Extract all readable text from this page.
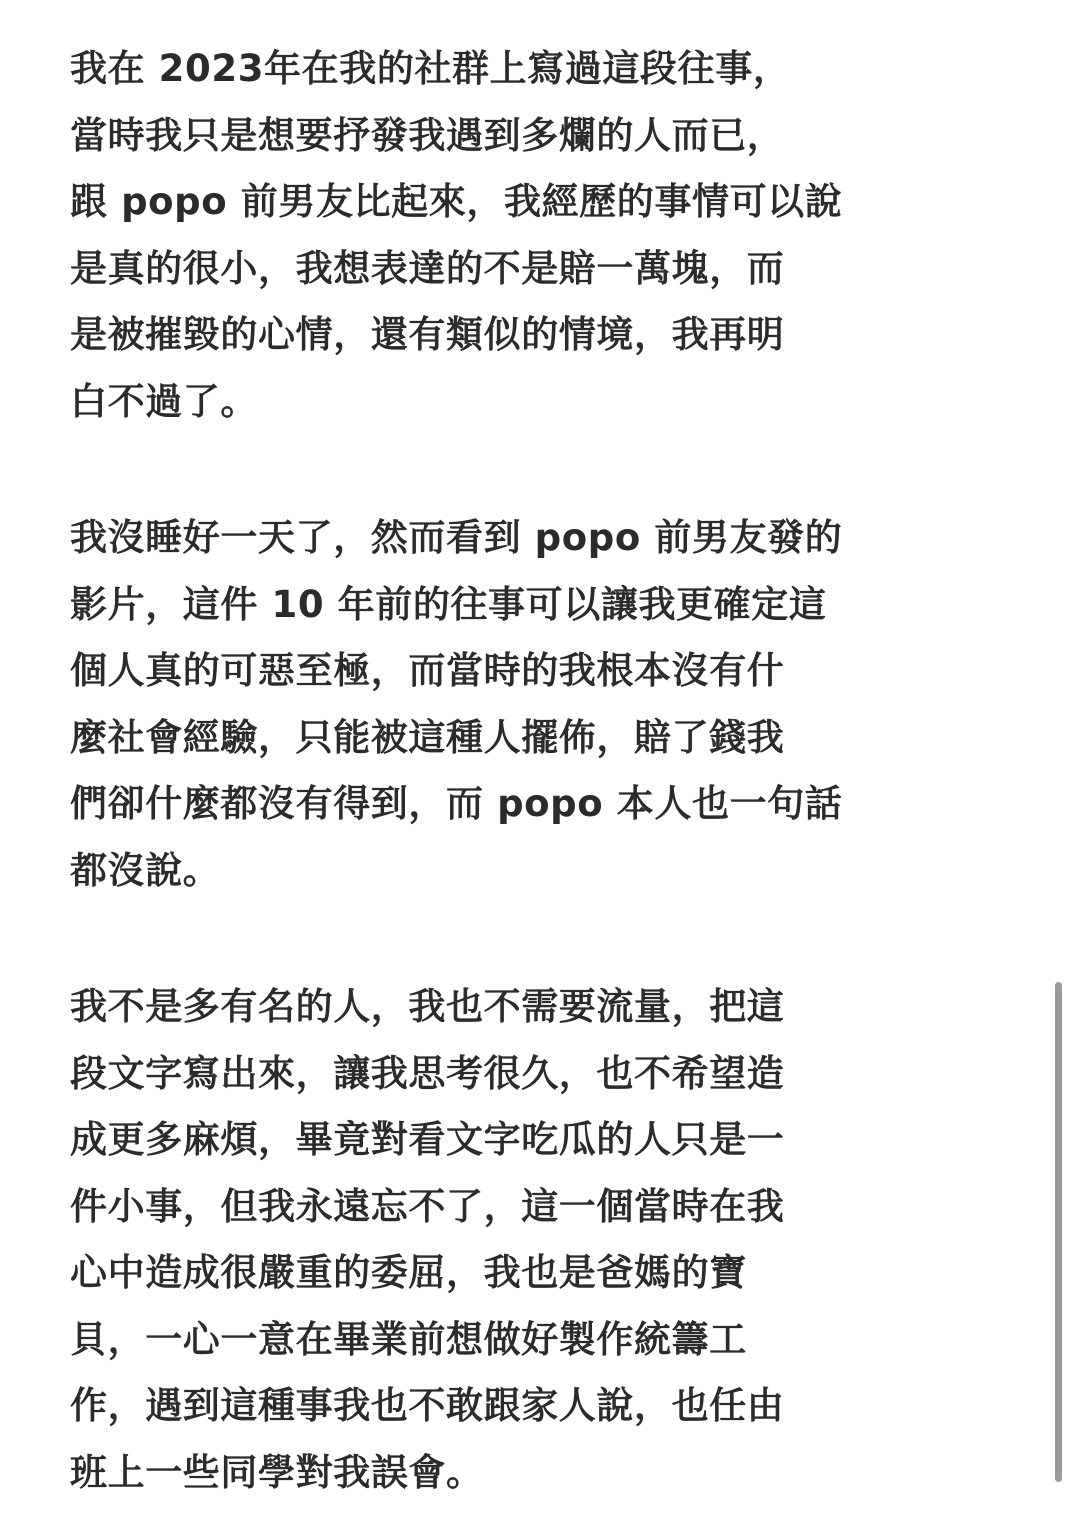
我在 2023年在我的社群上寫過這段往事，
當時我只是想要抒發我遇到多爛的人而已，
跟 popo 前男友比起來，我經歷的事情可以說
是真的很小，我想表達的不是賠一萬塊，而
是被摧毀的心情，還有類似的情境，我再明
白不過了。
我沒睡好一天了，然而看到 popo 前男友發的
影片，這件 10 年前的往事可以讓我更確定這
個人真的可惡至極，而當時的我根本沒有什
麼社會經驗，只能被這種人擺佈，賠了錢我
們卻什麼都沒有得到，而 popo 本人也一句話
都沒說。
我不是多有名的人，我也不需要流量，把這
段文字寫出來，讓我思考很久，也不希望造
成更多麻煩，畢竟對看文字吃瓜的人只是一
件小事，但我永遠忘不了，這一個當時在我
心中造成很嚴重的委屈，我也是爸媽的寶
貝，一心一意在畢業前想做好製作統籌工
作，遇到這種事我也不敢跟家人說，也任由
班上一些同學對我誤會。
